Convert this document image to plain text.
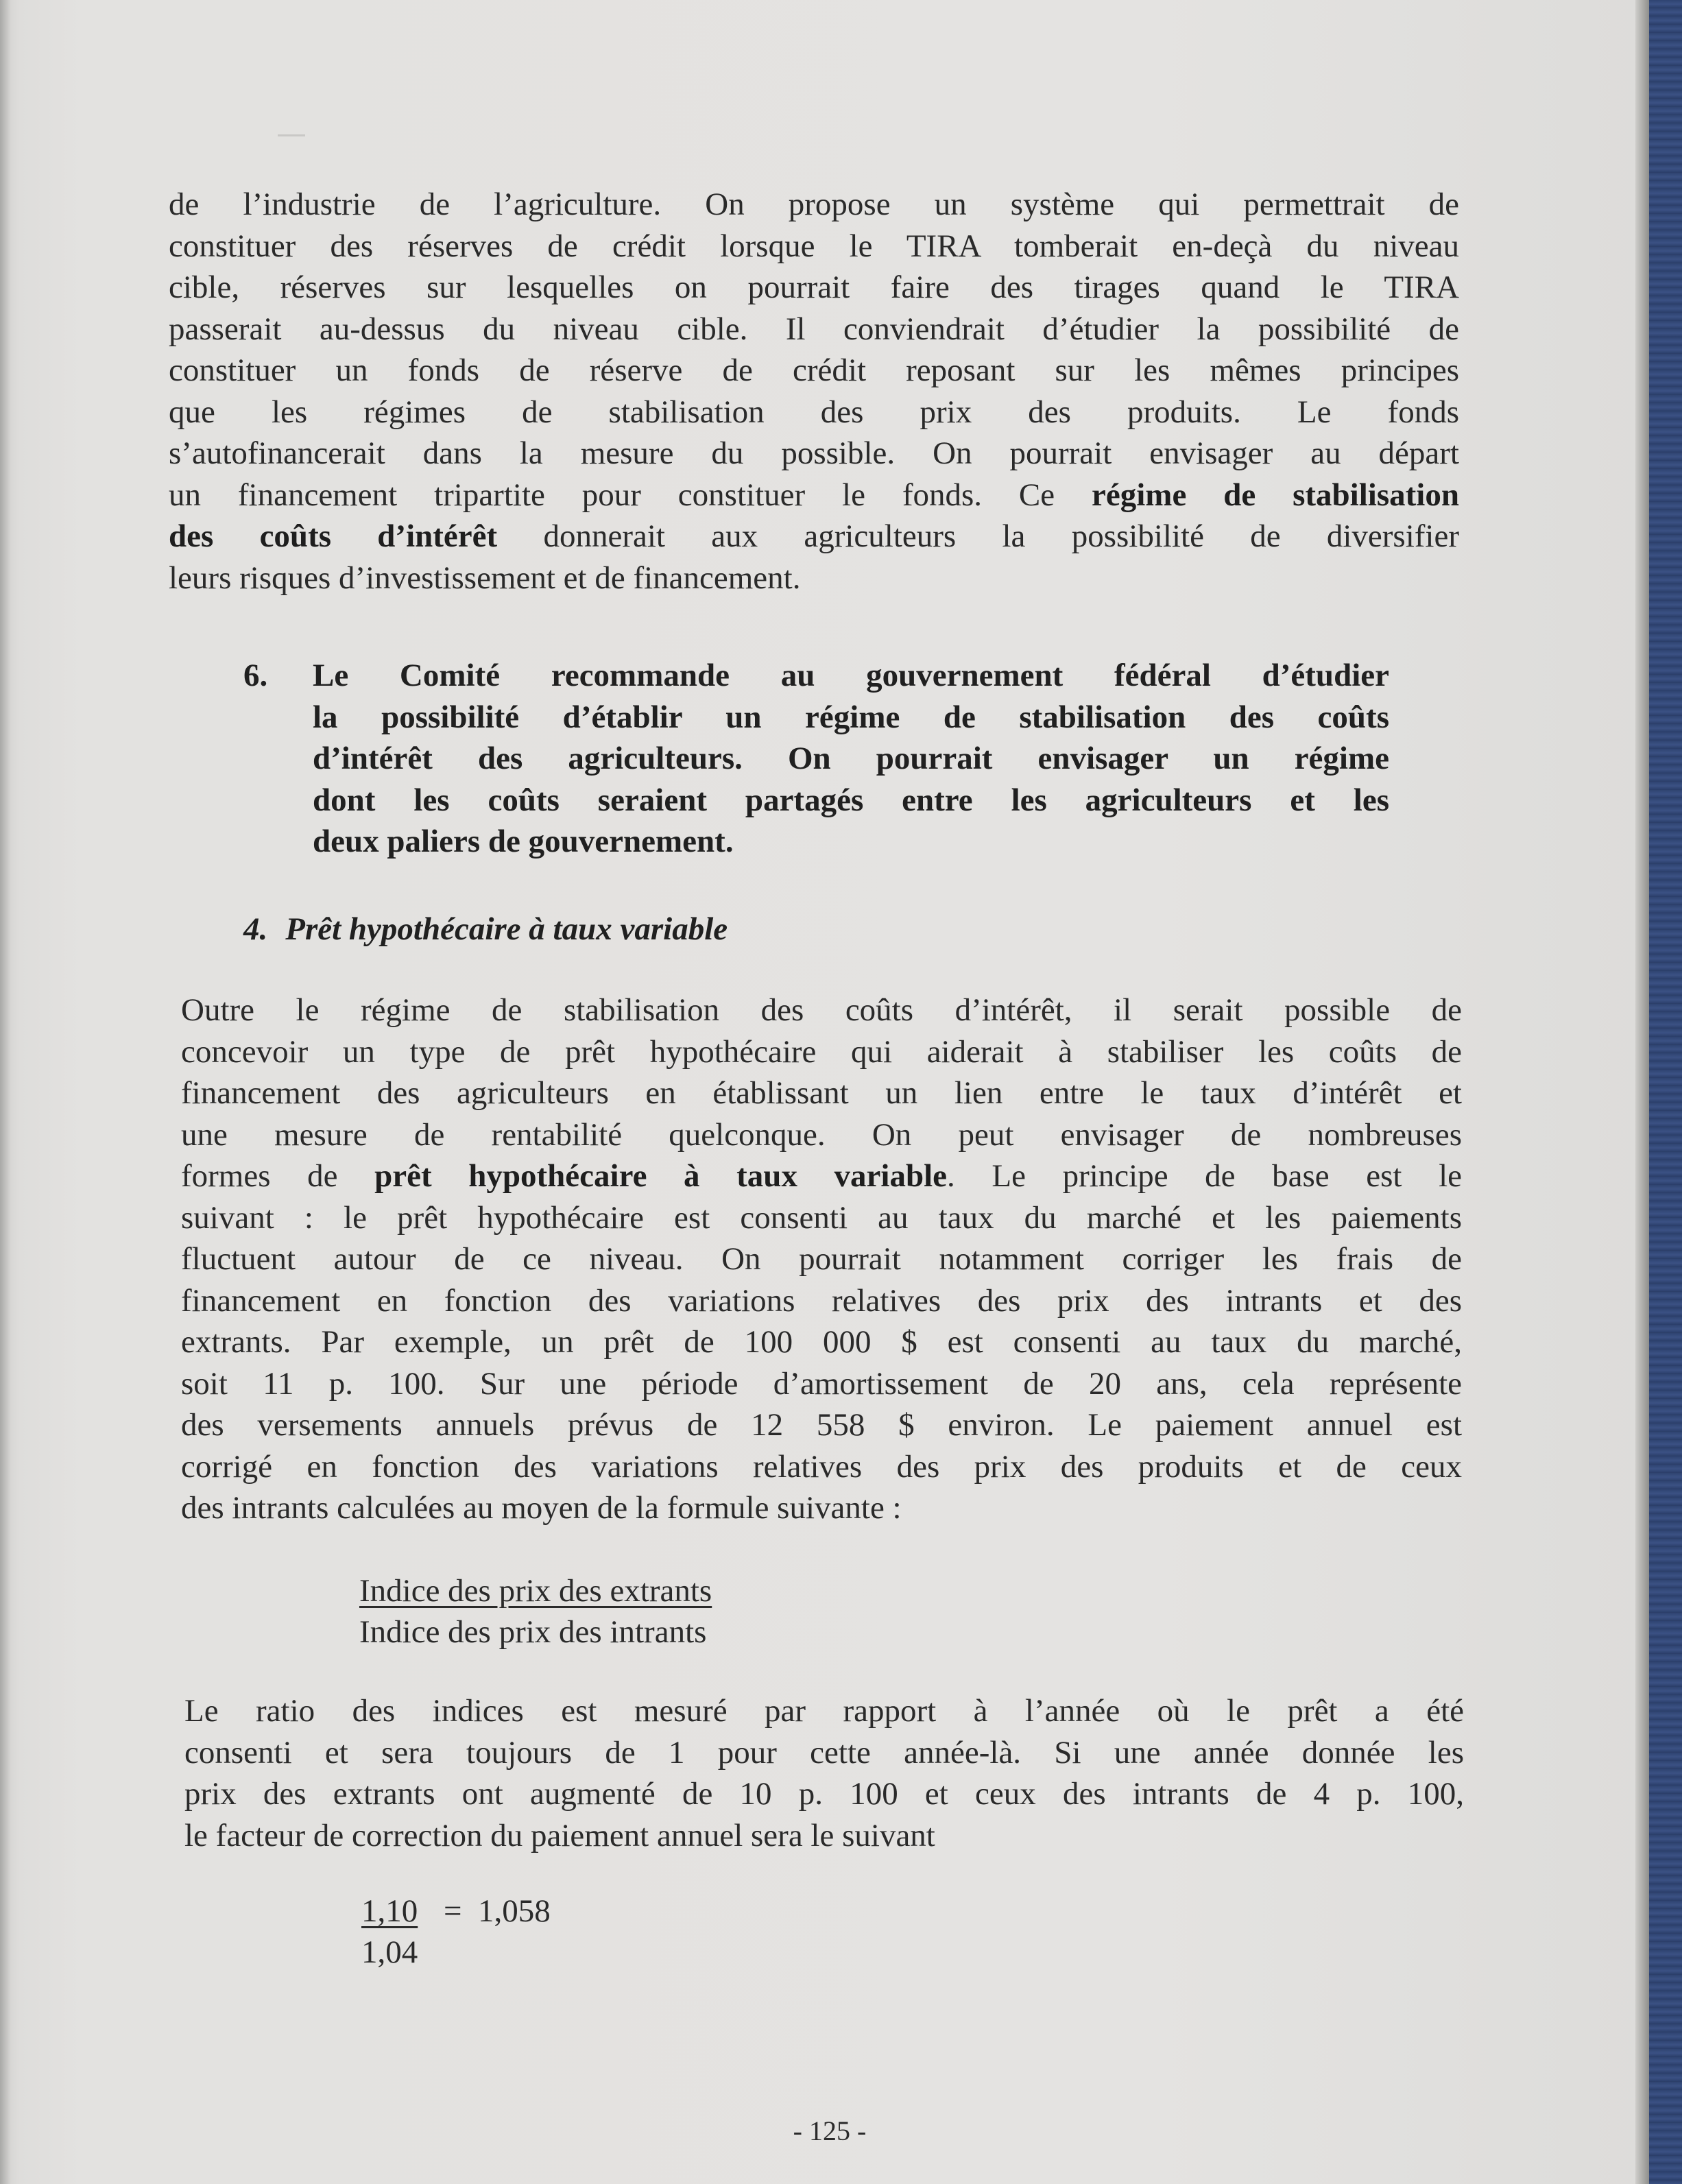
de l’industrie de l’agriculture. On propose un système qui permettrait de
constituer des réserves de crédit lorsque le TIRA tomberait en-deçà du niveau
cible, réserves sur lesquelles on pourrait faire des tirages quand le TIRA
passerait au-dessus du niveau cible. Il conviendrait d’étudier la possibilité de
constituer un fonds de réserve de crédit reposant sur les mêmes principes
que les régimes de stabilisation des prix des produits. Le fonds
s’autofinancerait dans la mesure du possible. On pourrait envisager au départ
un financement tripartite pour constituer le fonds. Ce régime de stabilisation
des coûts d’intérêt donnerait aux agriculteurs la possibilité de diversifier
leurs risques d’investissement et de financement.
6. Le Comité recommande au gouvernement fédéral d’étudier
la possibilité d’établir un régime de stabilisation des coûts
d’intérêt des agriculteurs. On pourrait envisager un régime
dont les coûts seraient partagés entre les agriculteurs et les
deux paliers de gouvernement.
4. Prêt hypothécaire à taux variable
Outre le régime de stabilisation des coûts d’intérêt, il serait possible de
concevoir un type de prêt hypothécaire qui aiderait à stabiliser les coûts de
financement des agriculteurs en établissant un lien entre le taux d’intérêt et
une mesure de rentabilité quelconque. On peut envisager de nombreuses
formes de prêt hypothécaire à taux variable. Le principe de base est le
suivant : le prêt hypothécaire est consenti au taux du marché et les paiements
fluctuent autour de ce niveau. On pourrait notamment corriger les frais de
financement en fonction des variations relatives des prix des intrants et des
extrants. Par exemple, un prêt de 100 000 $ est consenti au taux du marché,
soit 11 p. 100. Sur une période d’amortissement de 20 ans, cela représente
des versements annuels prévus de 12 558 $ environ. Le paiement annuel est
corrigé en fonction des variations relatives des prix des produits et de ceux
des intrants calculées au moyen de la formule suivante :
Indice des prix des extrants
Indice des prix des intrants
Le ratio des indices est mesuré par rapport à l’année où le prêt a été
consenti et sera toujours de 1 pour cette année-là. Si une année donnée les
prix des extrants ont augmenté de 10 p. 100 et ceux des intrants de 4 p. 100,
le facteur de correction du paiement annuel sera le suivant
1,10
1,04
= 1,058
- 125 -
